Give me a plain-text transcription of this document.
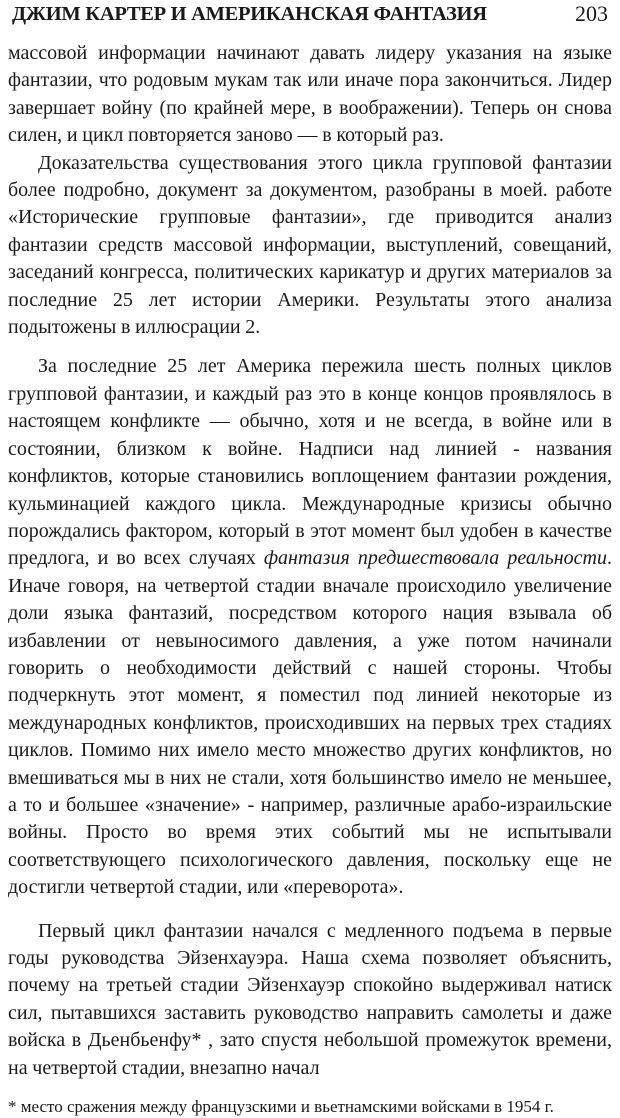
ДЖИМ КАРТЕР И АМЕРИКАНСКАЯ ФАНТАЗИЯ	203

массовой информации начинают давать лидеру указания на языке фантазии, что родовым мукам так или иначе пора закончиться. Лидер завершает войну (по крайней мере, в воображении). Теперь он снова силен, и цикл повторяется заново — в который раз.

Доказательства существования этого цикла групповой фантазии более подробно, документ за документом, разобраны в моей. работе «Исторические групповые фантазии», где приводится анализ фантазии средств массовой информации, выступлений, совещаний, заседаний конгресса, политических карикатур и других материалов за последние 25 лет истории Америки. Результаты этого анализа подытожены в иллюсрации 2.

За последние 25 лет Америка пережила шесть полных циклов групповой фантазии, и каждый раз это в конце концов проявлялось в настоящем конфликте — обычно, хотя и не всегда, в войне или в состоянии, близком к войне. Надписи над линией - названия конфликтов, которые становились воплощением фантазии рождения, кульминацией каждого цикла. Международные кризисы обычно порождались фактором, который в этот момент был удобен в качестве предлога, и во всех случаях фантазия предшествовала реальности. Иначе говоря, на четвертой стадии вначале происходило увеличение доли языка фантазий, посредством которого нация взывала об избавлении от невыносимого давления, а уже потом начинали говорить о необходимости действий с нашей стороны. Чтобы подчеркнуть этот момент, я поместил под линией некоторые из международных конфликтов, происходивших на первых трех стадиях циклов. Помимо них имело место множество других конфликтов, но вмешиваться мы в них не стали, хотя большинство имело не меньшее, а то и большее «значение» - например, различные арабо-израильские войны. Просто во время этих событий мы не испытывали соответствующего психологического давления, поскольку еще не достигли четвертой стадии, или «переворота».

Первый цикл фантазии начался с медленного подъема в первые годы руководства Эйзенхауэра. Наша схема позволяет объяснить, почему на третьей стадии Эйзенхауэр спокойно выдерживал натиск сил, пытавшихся заставить руководство направить самолеты и даже войска в Дьенбьенфу* , зато спустя небольшой промежуток времени, на четвертой стадии, внезапно начал

* место сражения между французскими и вьетнамскими войсками в 1954 г.
